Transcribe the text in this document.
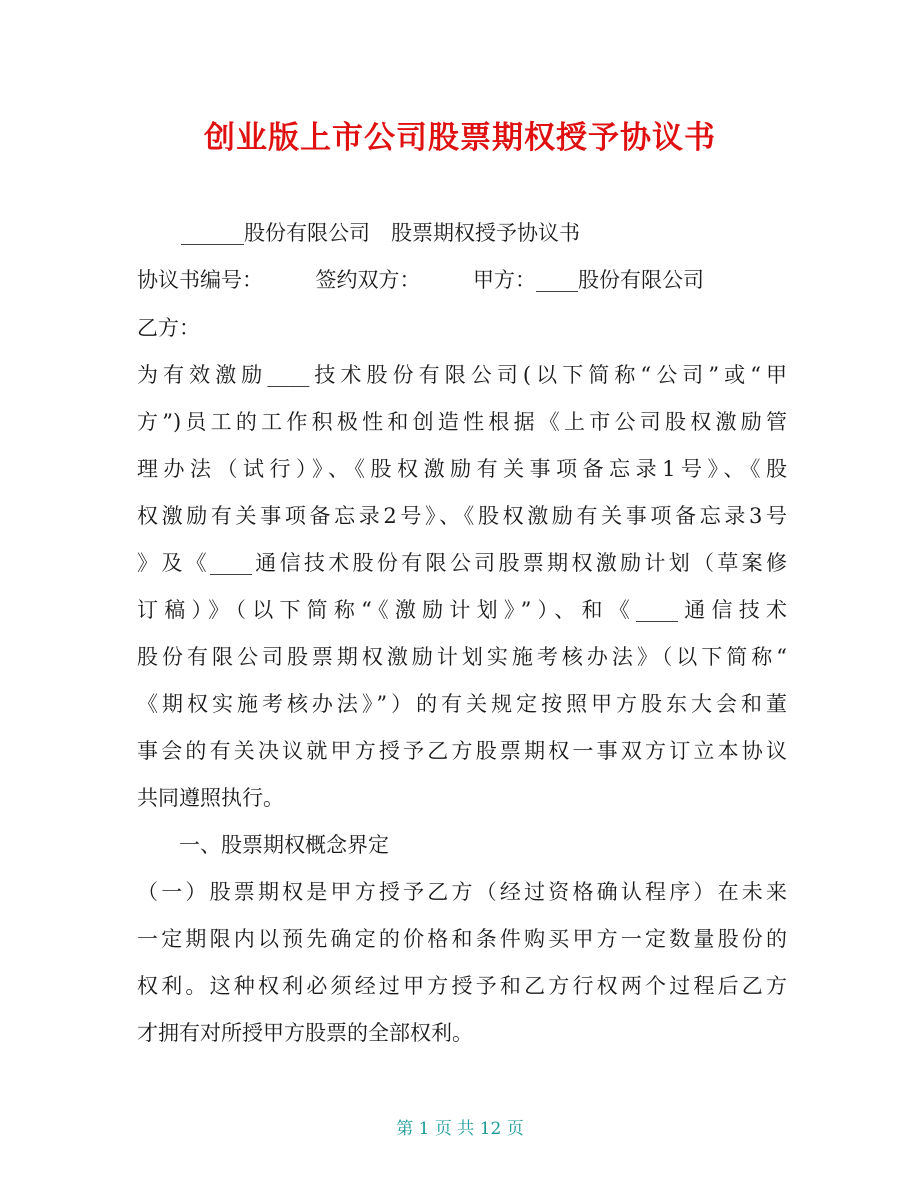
创业版上市公司股票期权授予协议书
______股份有限公司　股票期权授予协议书
协议书编号：　　　签约双方：　　　甲方：____股份有限公司
乙方：
为有效激励____技术股份有限公司(以下简称“公司”或“甲
方”)员工的工作积极性和创造性根据《上市公司股权激励管
理办法（试行）》、《股权激励有关事项备忘录1号》、《股
权激励有关事项备忘录2号》、《股权激励有关事项备忘录3号
》及《____通信技术股份有限公司股票期权激励计划（草案修
订稿）》（以下简称“《激励计划》”）、和《____通信技术
股份有限公司股票期权激励计划实施考核办法》（以下简称“
《期权实施考核办法》”）的有关规定按照甲方股东大会和董
事会的有关决议就甲方授予乙方股票期权一事双方订立本协议
共同遵照执行。
一、股票期权概念界定
（一）股票期权是甲方授予乙方（经过资格确认程序）在未来
一定期限内以预先确定的价格和条件购买甲方一定数量股份的
权利。这种权利必须经过甲方授予和乙方行权两个过程后乙方
才拥有对所授甲方股票的全部权利。
第 1 页 共 12 页
